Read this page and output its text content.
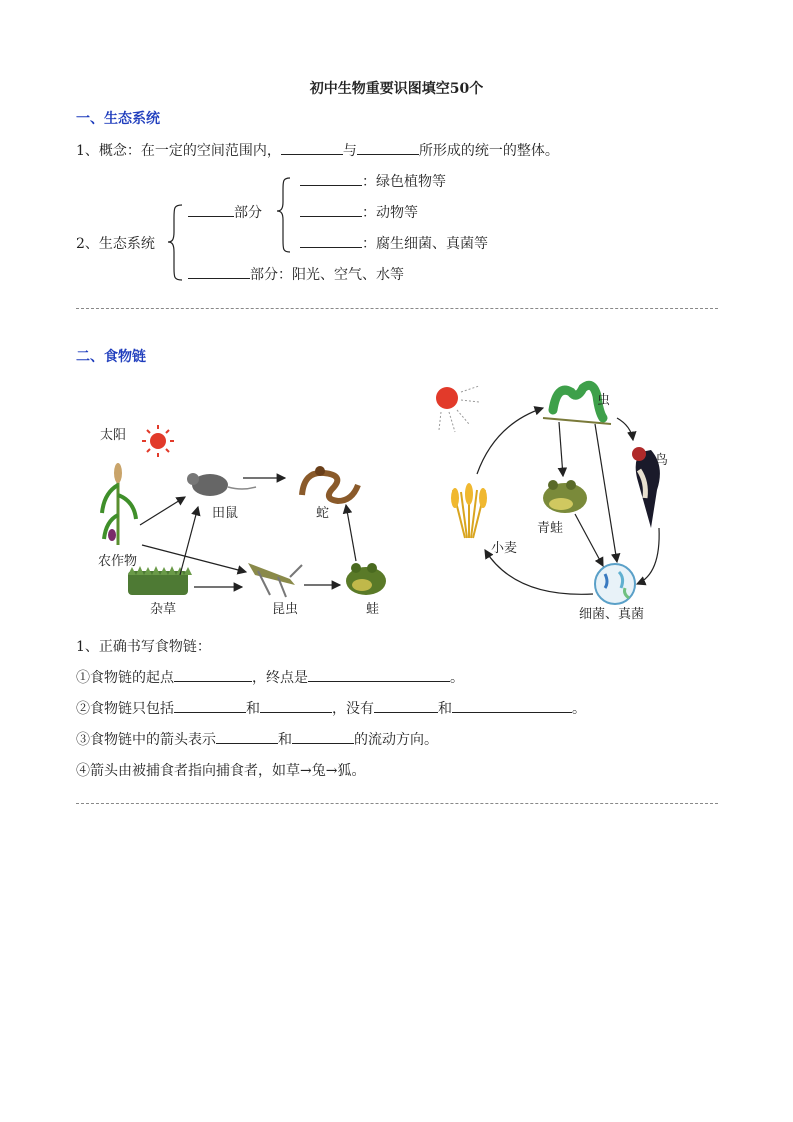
初中生物重要识图填空50个
一、生态系统
1、概念：在一定的空间范围内，	与	所形成的统一的整体。
2、生态系统
部分
：绿色植物等
：动物等
：腐生细菌、真菌等
部分：阳光、空气、水等
二、食物链
太阳
农作物
杂草
田鼠	蛇
昆虫	蛙
虫
鸟
青蛙
小麦
细菌、真菌
1、正确书写食物链：
①食物链的起点	，终点是	。
②食物链只包括	和	，没有	和	。
③食物链中的箭头表示	和	的流动方向。
④箭头由被捕食者指向捕食者，如草→兔→狐。
